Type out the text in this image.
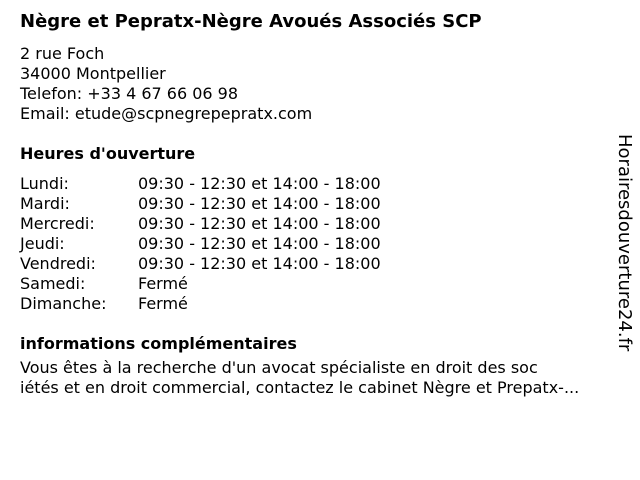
Nègre et Pepratx-Nègre Avoués Associés SCP
2 rue Foch
34000 Montpellier
Telefon: +33 4 67 66 06 98
Email: etude@scpnegrepepratx.com
Heures d'ouverture
Lundi:	09:30 - 12:30 et 14:00 - 18:00
Mardi:	09:30 - 12:30 et 14:00 - 18:00
Mercredi:	09:30 - 12:30 et 14:00 - 18:00
Jeudi:	09:30 - 12:30 et 14:00 - 18:00
Vendredi:	09:30 - 12:30 et 14:00 - 18:00
Samedi:	Fermé
Dimanche: Fermé
informations complémentaires
Vous êtes à la recherche d'un avocat spécialiste en droit des soc
iétés et en droit commercial, contactez le cabinet Nègre et Prepatx-...
Horairesdouverture24.fr
